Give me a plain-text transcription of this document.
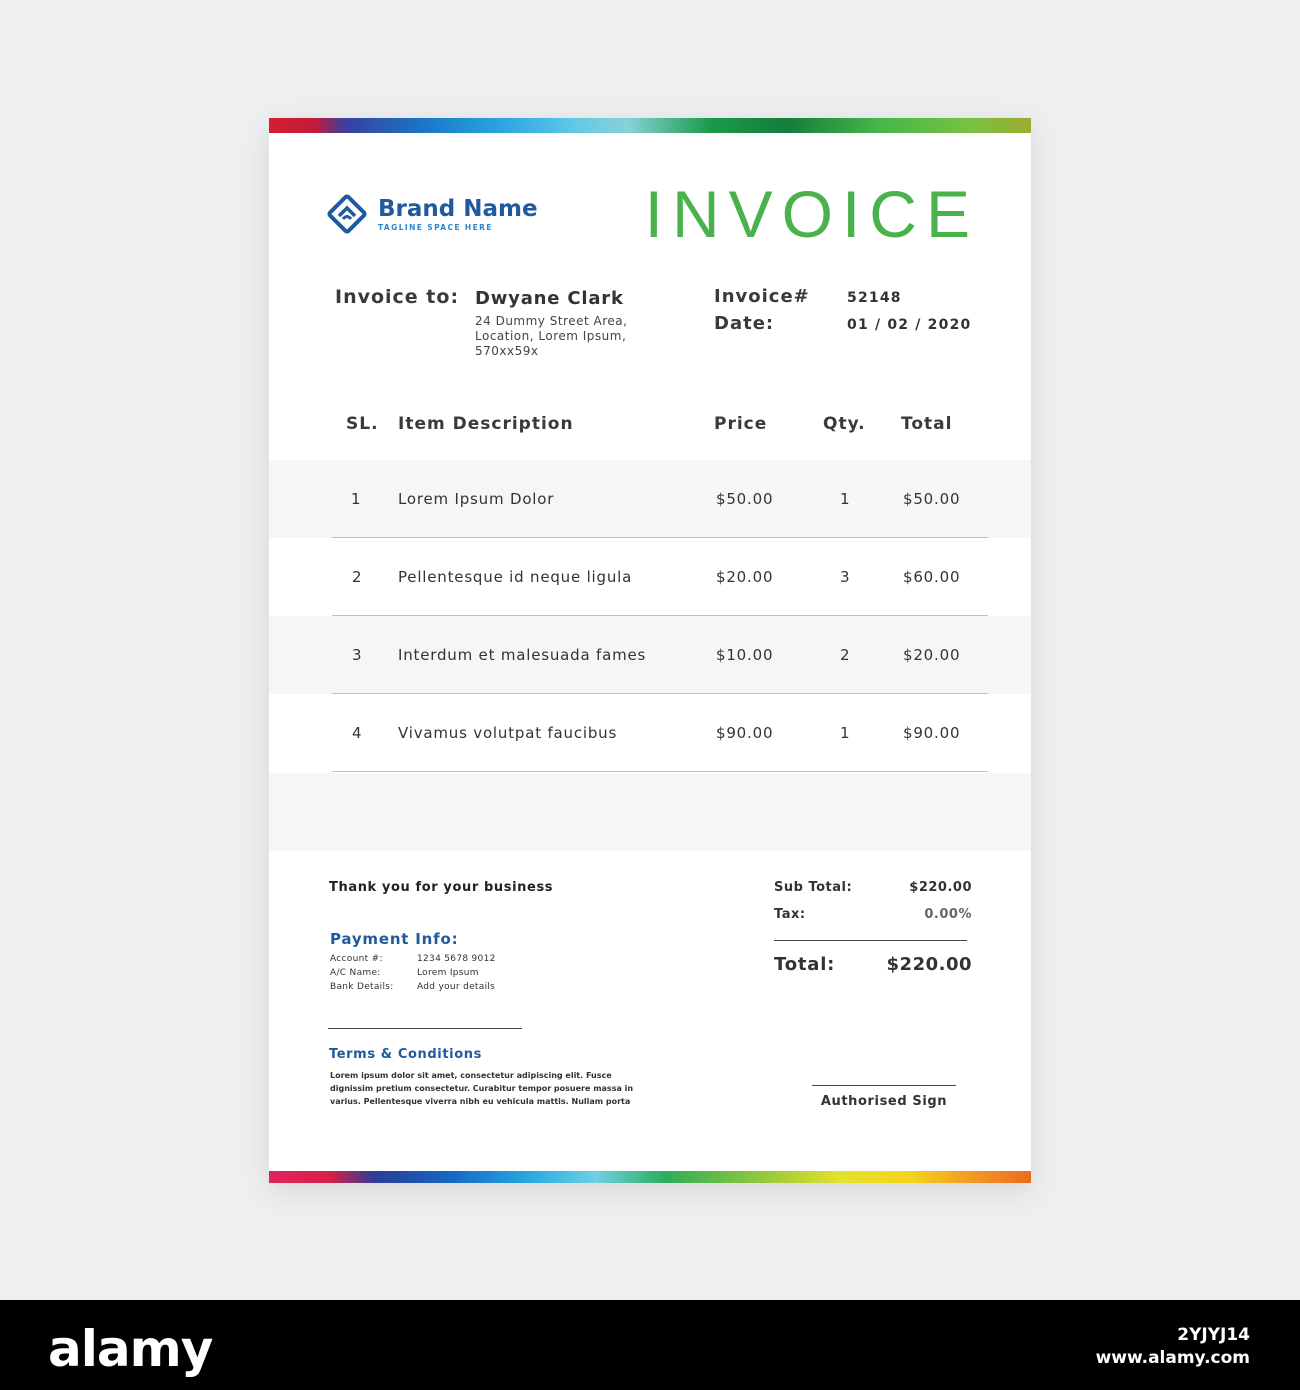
Brand Name
TAGLINE SPACE HERE	INVOICE
Invoice to: Dwyane Clark
24 Dummy Street Area,
Location, Lorem Ipsum,
570xx59x
Invoice#	52148
Date:	01 / 02 / 2020
SL. Item Description	Price	Qty. Total
1 Lorem Ipsum Dolor	$50.00	1	$50.00
2 Pellentesque id neque ligula	$20.00	3	$60.00
3 Interdum et malesuada fames	$10.00	2	$20.00
4 Vivamus volutpat faucibus	$90.00	1	$90.00
Thank you for your business
Payment Info:
Account #:	1234 5678 9012
A/C Name:	Lorem Ipsum
Bank Details:	Add your details
Terms & Conditions
Lorem ipsum dolor sit amet, consectetur adipiscing elit. Fusce dignissim pretium consectetur. Curabitur tempor posuere massa in varius. Pellentesque viverra nibh eu vehicula mattis. Nullam porta
Sub Total:	$220.00
Tax:	0.00%
Total:	$220.00
Authorised Sign
alamy	2YJYJ14
www.alamy.com
